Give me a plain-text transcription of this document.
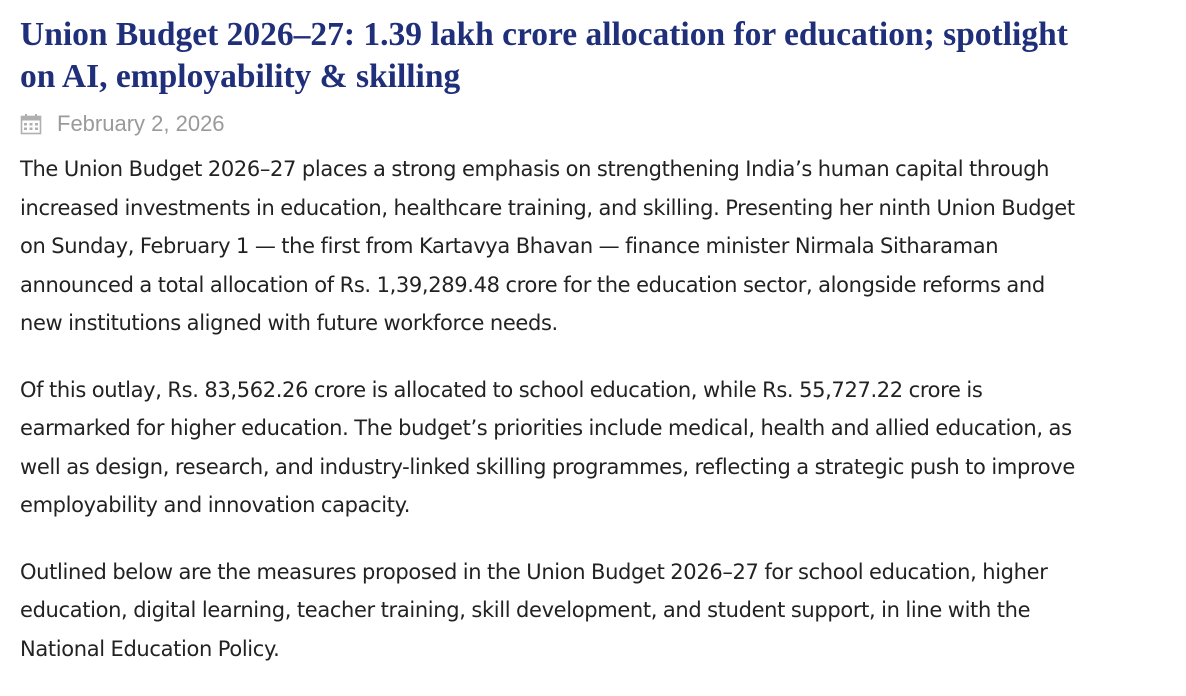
Union Budget 2026–27: 1.39 lakh crore allocation for education; spotlight
on AI, employability & skilling
February 2, 2026

The Union Budget 2026–27 places a strong emphasis on strengthening India’s human capital through
increased investments in education, healthcare training, and skilling. Presenting her ninth Union Budget
on Sunday, February 1 — the first from Kartavya Bhavan — finance minister Nirmala Sitharaman
announced a total allocation of Rs. 1,39,289.48 crore for the education sector, alongside reforms and
new institutions aligned with future workforce needs.

Of this outlay, Rs. 83,562.26 crore is allocated to school education, while Rs. 55,727.22 crore is
earmarked for higher education. The budget’s priorities include medical, health and allied education, as
well as design, research, and industry-linked skilling programmes, reflecting a strategic push to improve
employability and innovation capacity.

Outlined below are the measures proposed in the Union Budget 2026–27 for school education, higher
education, digital learning, teacher training, skill development, and student support, in line with the
National Education Policy.
